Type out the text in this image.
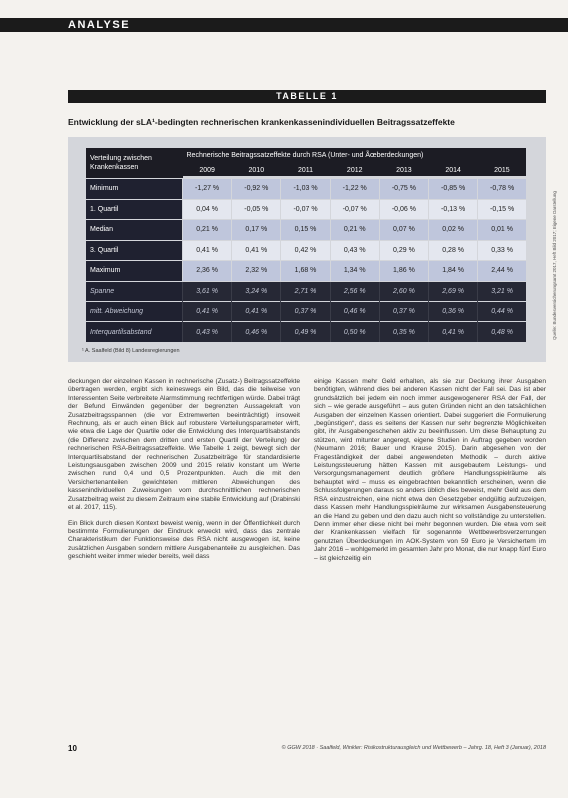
ANALYSE
TABELLE 1
Entwicklung der sLA¹-bedingten rechnerischen krankenkassenindividuellen Beitragssatzeffekte
Verteilung zwischen Krankenkassen	Rechnerische Beitragssatzeffekte durch RSA (Unter- und Ãœberdeckungen)						
	2009	2010	2011	2012	2013	2014	2015
Minimum	-1,27 %	-0,92 %	-1,03 %	-1,22 %	-0,75 %	-0,85 %	-0,78 %
1. Quartil	0,04 %	-0,05 %	-0,07 %	-0,07 %	-0,06 %	-0,13 %	-0,15 %
Median	0,21 %	0,17 %	0,15 %	0,21 %	0,07 %	0,02 %	0,01 %
3. Quartil	0,41 %	0,41 %	0,42 %	0,43 %	0,29 %	0,28 %	0,33 %
Maximum	2,36 %	2,32 %	1,68 %	1,34 %	1,86 %	1,84 %	2,44 %
Spanne	3,61 %	3,24 %	2,71 %	2,56 %	2,60 %	2,69 %	3,21 %
mitt. Abweichung	0,41 %	0,41 %	0,37 %	0,46 %	0,37 %	0,36 %	0,44 %
Interquartilsabstand	0,43 %	0,46 %	0,49 %	0,50 %	0,35 %	0,41 %	0,48 %
¹ A. Saalfeld (Bild 8) Landesregierungen
Quelle: Bundesversicherungsamt 2017, Heft Bild 2017; Eigene Darstellung

deckungen der einzelnen Kassen in rechnerische (Zusatz-) Beitragssatzeffekte übertragen werden, ergibt sich keineswegs ein Bild, das die teilweise von Interessenten Seite verbreitete Alarmstimmung rechtfertigen würde. Dabei trägt der Befund Einwänden gegenüber der begrenzten Aussagekraft von Zusatzbeitragsspannen (die vor Extremwerten beeinträchtigt) insoweit Rechnung, als er auch einen Blick auf robustere Verteilungsparameter wirft, wie etwa die Lage der Quartile oder die Entwicklung des Interquartilsabstands (die Differenz zwischen dem dritten und ersten Quartil der Verteilung) der rechnerischen RSA-Beitragssatzeffekte. Wie Tabelle 1 zeigt, bewegt sich der Interquartilsabstand der rechnerischen Zusatzbeiträge für standardisierte Leistungsausgaben zwischen 2009 und 2015 relativ konstant um Werte zwischen rund 0,4 und 0,5 Prozentpunkten. Auch die mit den Versichertenanteilen gewichteten mittleren Abweichungen des kassenindividuellen Zuweisungen vom durchschnittlichen rechnerischen Zusatzbeitrag weist zu diesem Zeitraum eine stabile Entwicklung auf (Drabinski et al. 2017, 115).

Ein Blick durch diesen Kontext beweist wenig, wenn in der Öffentlichkeit durch bestimmte Formulierungen der Eindruck erweckt wird, dass das zentrale Charakteristikum der Funktionsweise des RSA nicht ausgewogen ist, keine zusätzlichen Ausgaben sondern mittlere Ausgabenanteile zu ausgleichen. Das geschieht weiter immer wieder bereits, weil dass

einige Kassen mehr Geld erhalten, als sie zur Deckung ihrer Ausgaben benötigten, während dies bei anderen Kassen nicht der Fall sei. Das ist aber grundsätzlich bei jedem ein noch immer ausgewogenerer RSA der Fall, der sich – wie gerade ausgeführt – aus guten Gründen nicht an den tatsächlichen Ausgaben der einzelnen Kassen orientiert. Dabei suggeriert die Formulierung „begünstigen“, dass es seitens der Kassen nur sehr begrenzte Möglichkeiten gibt, ihr Ausgabengeschehen aktiv zu beeinflussen. Um diese Behauptung zu stützen, wird mitunter angeregt, eigene Studien in Auftrag gegeben worden (Neumann 2016; Bauer und Krause 2015). Darin abgesehen von der Frageständigkeit der dabei angewendeten Methodik – durch aktive Leistungssteuerung hätten Kassen mit ausgebautem Leistungs- und Versorgungsmanagement deutlich größere Handlungsspielräume als behauptet wird – muss es eingebrachten bekanntlich erscheinen, wenn die Schlussfolgerungen daraus so anders üblich dies beweist, mehr Geld aus dem RSA einzustreichen, eine nicht etwa den Gesetzgeber endgültig aufzuzeigen, dass Kassen mehr Handlungsspielräume zur wirksamen Ausgabensteuerung an die Hand zu geben und den dazu auch nicht so vollständige zu unterstellen. Denn immer eher diese nicht bei mehr begonnen wurden. Die etwa vom seit der Krankenkassen vielfach für sogenannte Wettbewerbsverzerrungen genutzten Überdeckungen im AOK-System von 59 Euro je Versichertem im Jahr 2016 – wohlgemerkt im gesamten Jahr pro Monat, die nur knapp fünf Euro – ist gleichzeitig ein

10	© GGW 2018 · Saalfeld, Winkler: Risikostrukturausgleich und Wettbewerb – Jahrg. 18, Heft 3 (Januar), 2018
